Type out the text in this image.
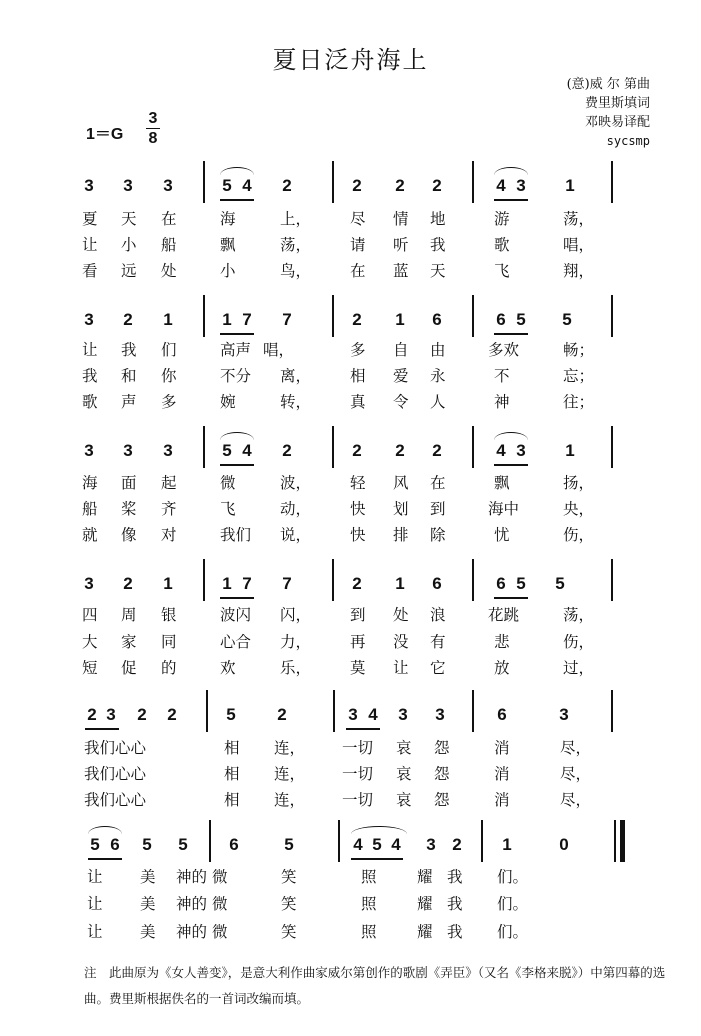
夏日泛舟海上
(意)威 尔 第曲
费里斯填词
邓映易译配
sycsmp
1＝G
3
8
3 3 3	5 4 2	2 2 2	4 3 1
夏 天 在	海	上，	尽 情 地	游	荡，
让 小 船	飘	荡，	请 听 我	歌	唱，
看 远 处	小	鸟，	在 蓝 天	飞	翔，
3 2 1	1 7 7	2 1 6	6 5 5
让 我 们	高声 唱，	多 自 由	多欢	畅；
我 和 你	不分 离，	相 爱 永	不	忘；
歌 声 多	婉	转，	真 令 人	神	往；
3 3 3	5 4 2	2 2 2	4 3 1
海 面 起	微	波，	轻 风 在	飘	扬，
船 桨 齐	飞	动，	快 划 到	海中	央，
就 像 对	我们 说，	快 排 除	忧	伤，
3 2 1	1 7 7	2 1 6	6 5 5
四 周 银	波闪 闪，	到 处 浪	花跳	荡，
大 家 同	心合 力，	再 没 有	悲	伤，
短 促 的	欢	乐，	莫 让 它	放	过，
2 3 2 2	5 2	3 4 3 3	6	3
我们心心	相 连， 一切 哀 怨	消	尽，
我们心心	相 连， 一切 哀 怨	消	尽，
我们心心	相 连， 一切 哀 怨	消	尽，
5 6 5 5 6	5	4 5 4 3 2 1	0
让 美 神的 微	笑	照	耀 我 们。
让 美 神的 微	笑	照	耀 我 们。
让 美 神的 微	笑	照	耀 我 们。
注　此曲原为《女人善变》，是意大利作曲家威尔第创作的歌剧《弄臣》（又名《李格来脱》）中第四幕的选曲。费里斯根据佚名的一首词改编而填。
